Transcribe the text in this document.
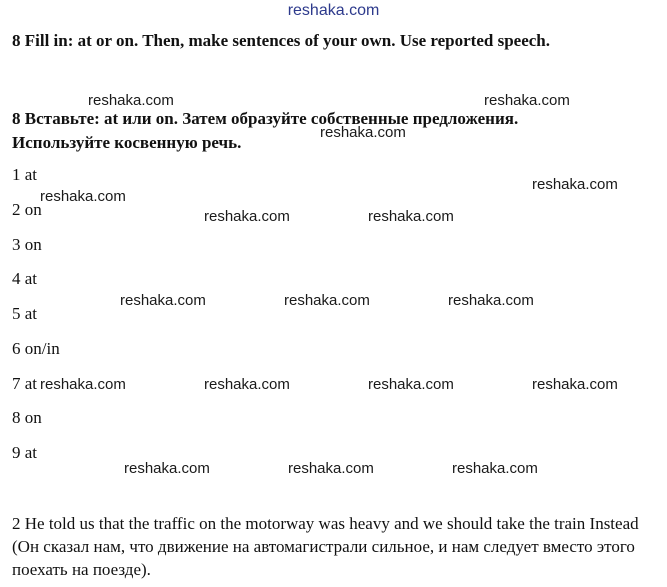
reshaka.com
8 Fill in: at or on. Then, make sentences of your own. Use reported speech.
8 Вставьте: at или on. Затем образуйте собственные предложения.
Используйте косвенную речь.
1 at
2 on
3 on
4 at
5 at
6 on/in
7 at
8 on
9 at
reshaka.com	reshaka.com
reshaka.com
reshaka.com
reshaka.com
reshaka.com	reshaka.com
reshaka.com	reshaka.com	reshaka.com
reshaka.com	reshaka.com	reshaka.com	reshaka.com
reshaka.com	reshaka.com	reshaka.com
2 He told us that the traffic on the motorway was heavy and we should take the train Instead (Он сказал нам, что движение на автомагистрали сильное, и нам следует вместо этого поехать на поезде).
